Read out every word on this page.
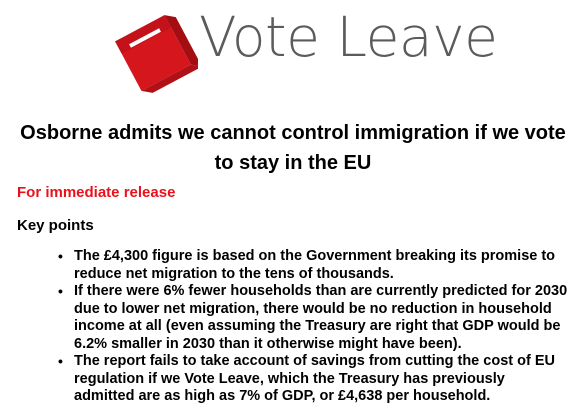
Vote Leave
Osborne admits we cannot control immigration if we vote to stay in the EU
For immediate release
Key points
• The £4,300 figure is based on the Government breaking its promise to reduce net migration to the tens of thousands.
• If there were 6% fewer households than are currently predicted for 2030 due to lower net migration, there would be no reduction in household income at all (even assuming the Treasury are right that GDP would be 6.2% smaller in 2030 than it otherwise might have been).
• The report fails to take account of savings from cutting the cost of EU regulation if we Vote Leave, which the Treasury has previously admitted are as high as 7% of GDP, or £4,638 per household.
